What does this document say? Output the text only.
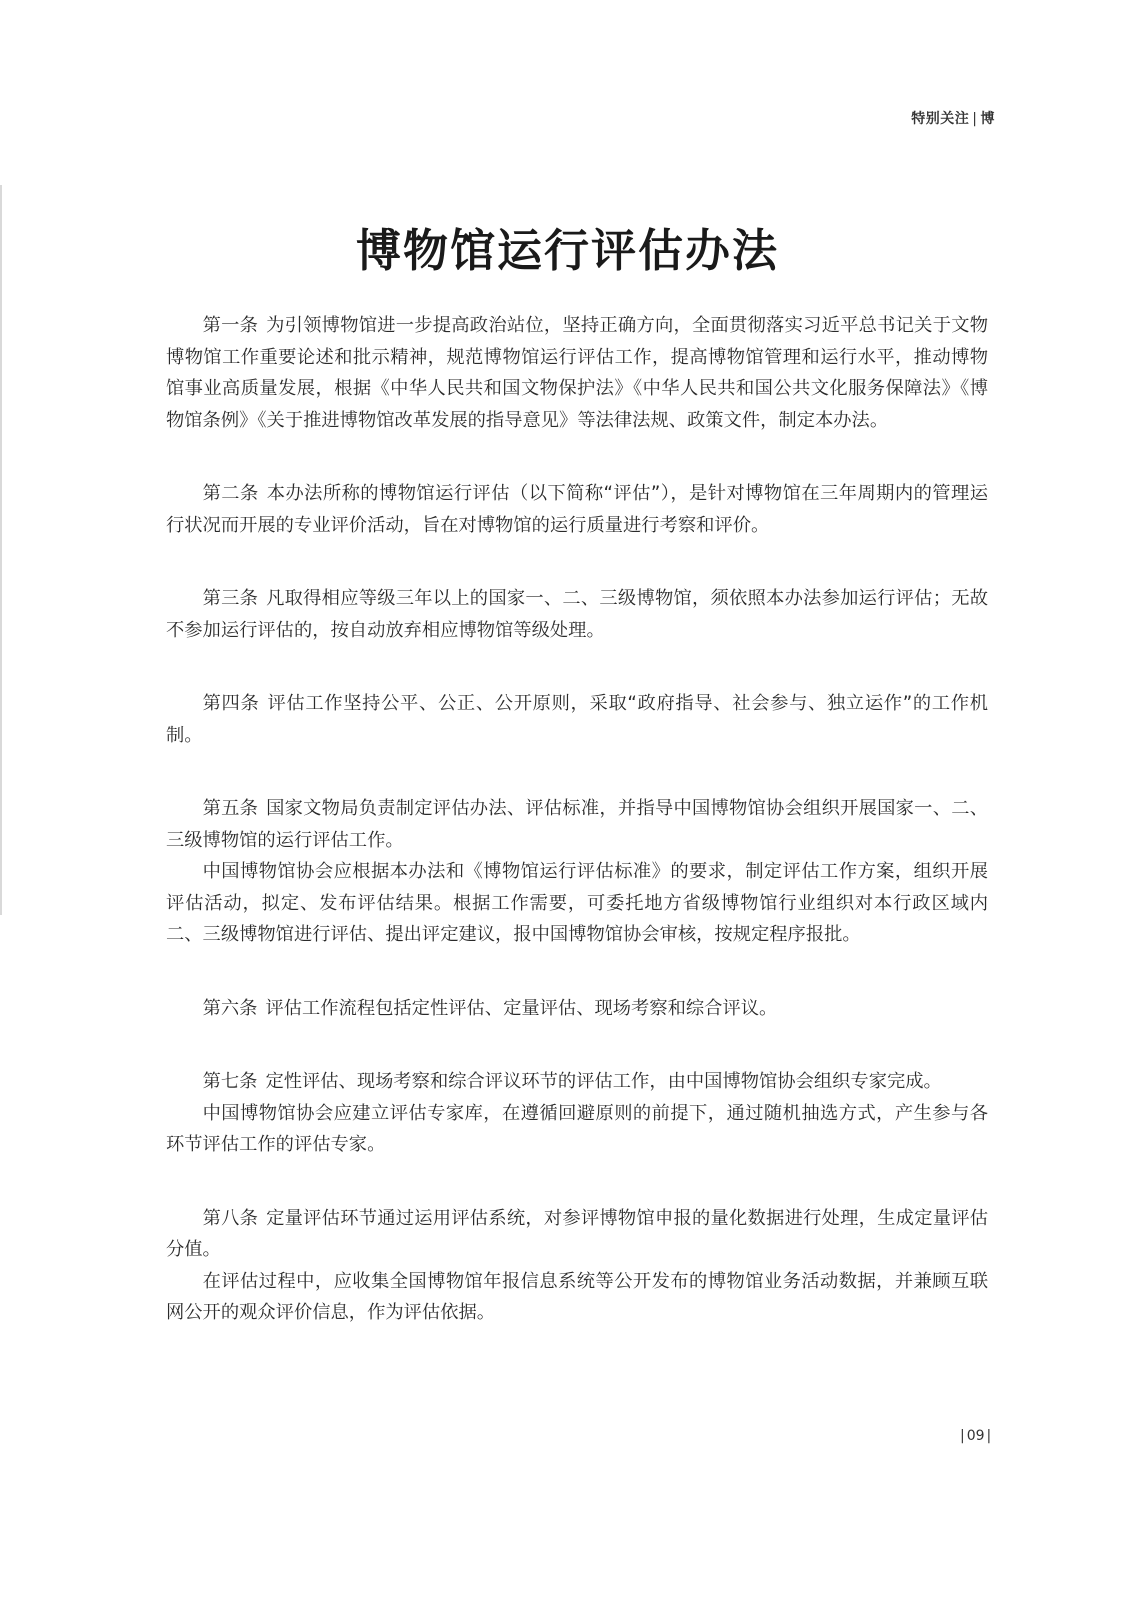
特别关注 | 博
博物馆运行评估办法

第一条 为引领博物馆进一步提高政治站位，坚持正确方向，全面贯彻落实习近平总书记关于文物博物馆工作重要论述和批示精神，规范博物馆运行评估工作，提高博物馆管理和运行水平，推动博物馆事业高质量发展，根据《中华人民共和国文物保护法》《中华人民共和国公共文化服务保障法》《博物馆条例》《关于推进博物馆改革发展的指导意见》等法律法规、政策文件，制定本办法。

第二条 本办法所称的博物馆运行评估（以下简称“评估”），是针对博物馆在三年周期内的管理运行状况而开展的专业评价活动，旨在对博物馆的运行质量进行考察和评价。

第三条 凡取得相应等级三年以上的国家一、二、三级博物馆，须依照本办法参加运行评估；无故不参加运行评估的，按自动放弃相应博物馆等级处理。

第四条 评估工作坚持公平、公正、公开原则，采取“政府指导、社会参与、独立运作”的工作机制。

第五条 国家文物局负责制定评估办法、评估标准，并指导中国博物馆协会组织开展国家一、二、三级博物馆的运行评估工作。

中国博物馆协会应根据本办法和《博物馆运行评估标准》的要求，制定评估工作方案，组织开展评估活动，拟定、发布评估结果。根据工作需要，可委托地方省级博物馆行业组织对本行政区域内二、三级博物馆进行评估、提出评定建议，报中国博物馆协会审核，按规定程序报批。

第六条 评估工作流程包括定性评估、定量评估、现场考察和综合评议。

第七条 定性评估、现场考察和综合评议环节的评估工作，由中国博物馆协会组织专家完成。

中国博物馆协会应建立评估专家库，在遵循回避原则的前提下，通过随机抽选方式，产生参与各环节评估工作的评估专家。

第八条 定量评估环节通过运用评估系统，对参评博物馆申报的量化数据进行处理，生成定量评估分值。

在评估过程中，应收集全国博物馆年报信息系统等公开发布的博物馆业务活动数据，并兼顾互联网公开的观众评价信息，作为评估依据。

| 09 |
